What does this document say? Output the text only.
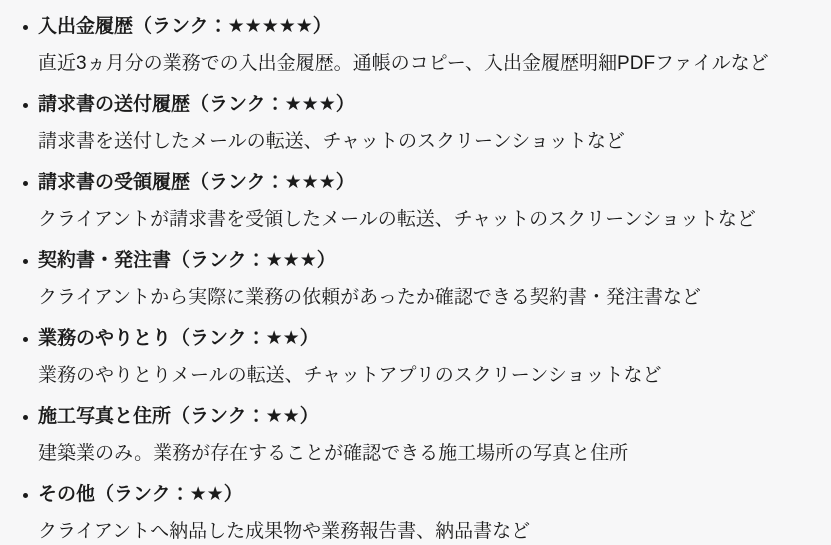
入出金履歴（ランク：★★★★★）

直近3ヵ月分の業務での入出金履歴。通帳のコピー、入出金履歴明細PDFファイルなど

請求書の送付履歴（ランク：★★★）

請求書を送付したメールの転送、チャットのスクリーンショットなど

請求書の受領履歴（ランク：★★★）

クライアントが請求書を受領したメールの転送、チャットのスクリーンショットなど

契約書・発注書（ランク：★★★）

クライアントから実際に業務の依頼があったか確認できる契約書・発注書など

業務のやりとり（ランク：★★）

業務のやりとりメールの転送、チャットアプリのスクリーンショットなど

施工写真と住所（ランク：★★）

建築業のみ。業務が存在することが確認できる施工場所の写真と住所

その他（ランク：★★）

クライアントへ納品した成果物や業務報告書、納品書など
